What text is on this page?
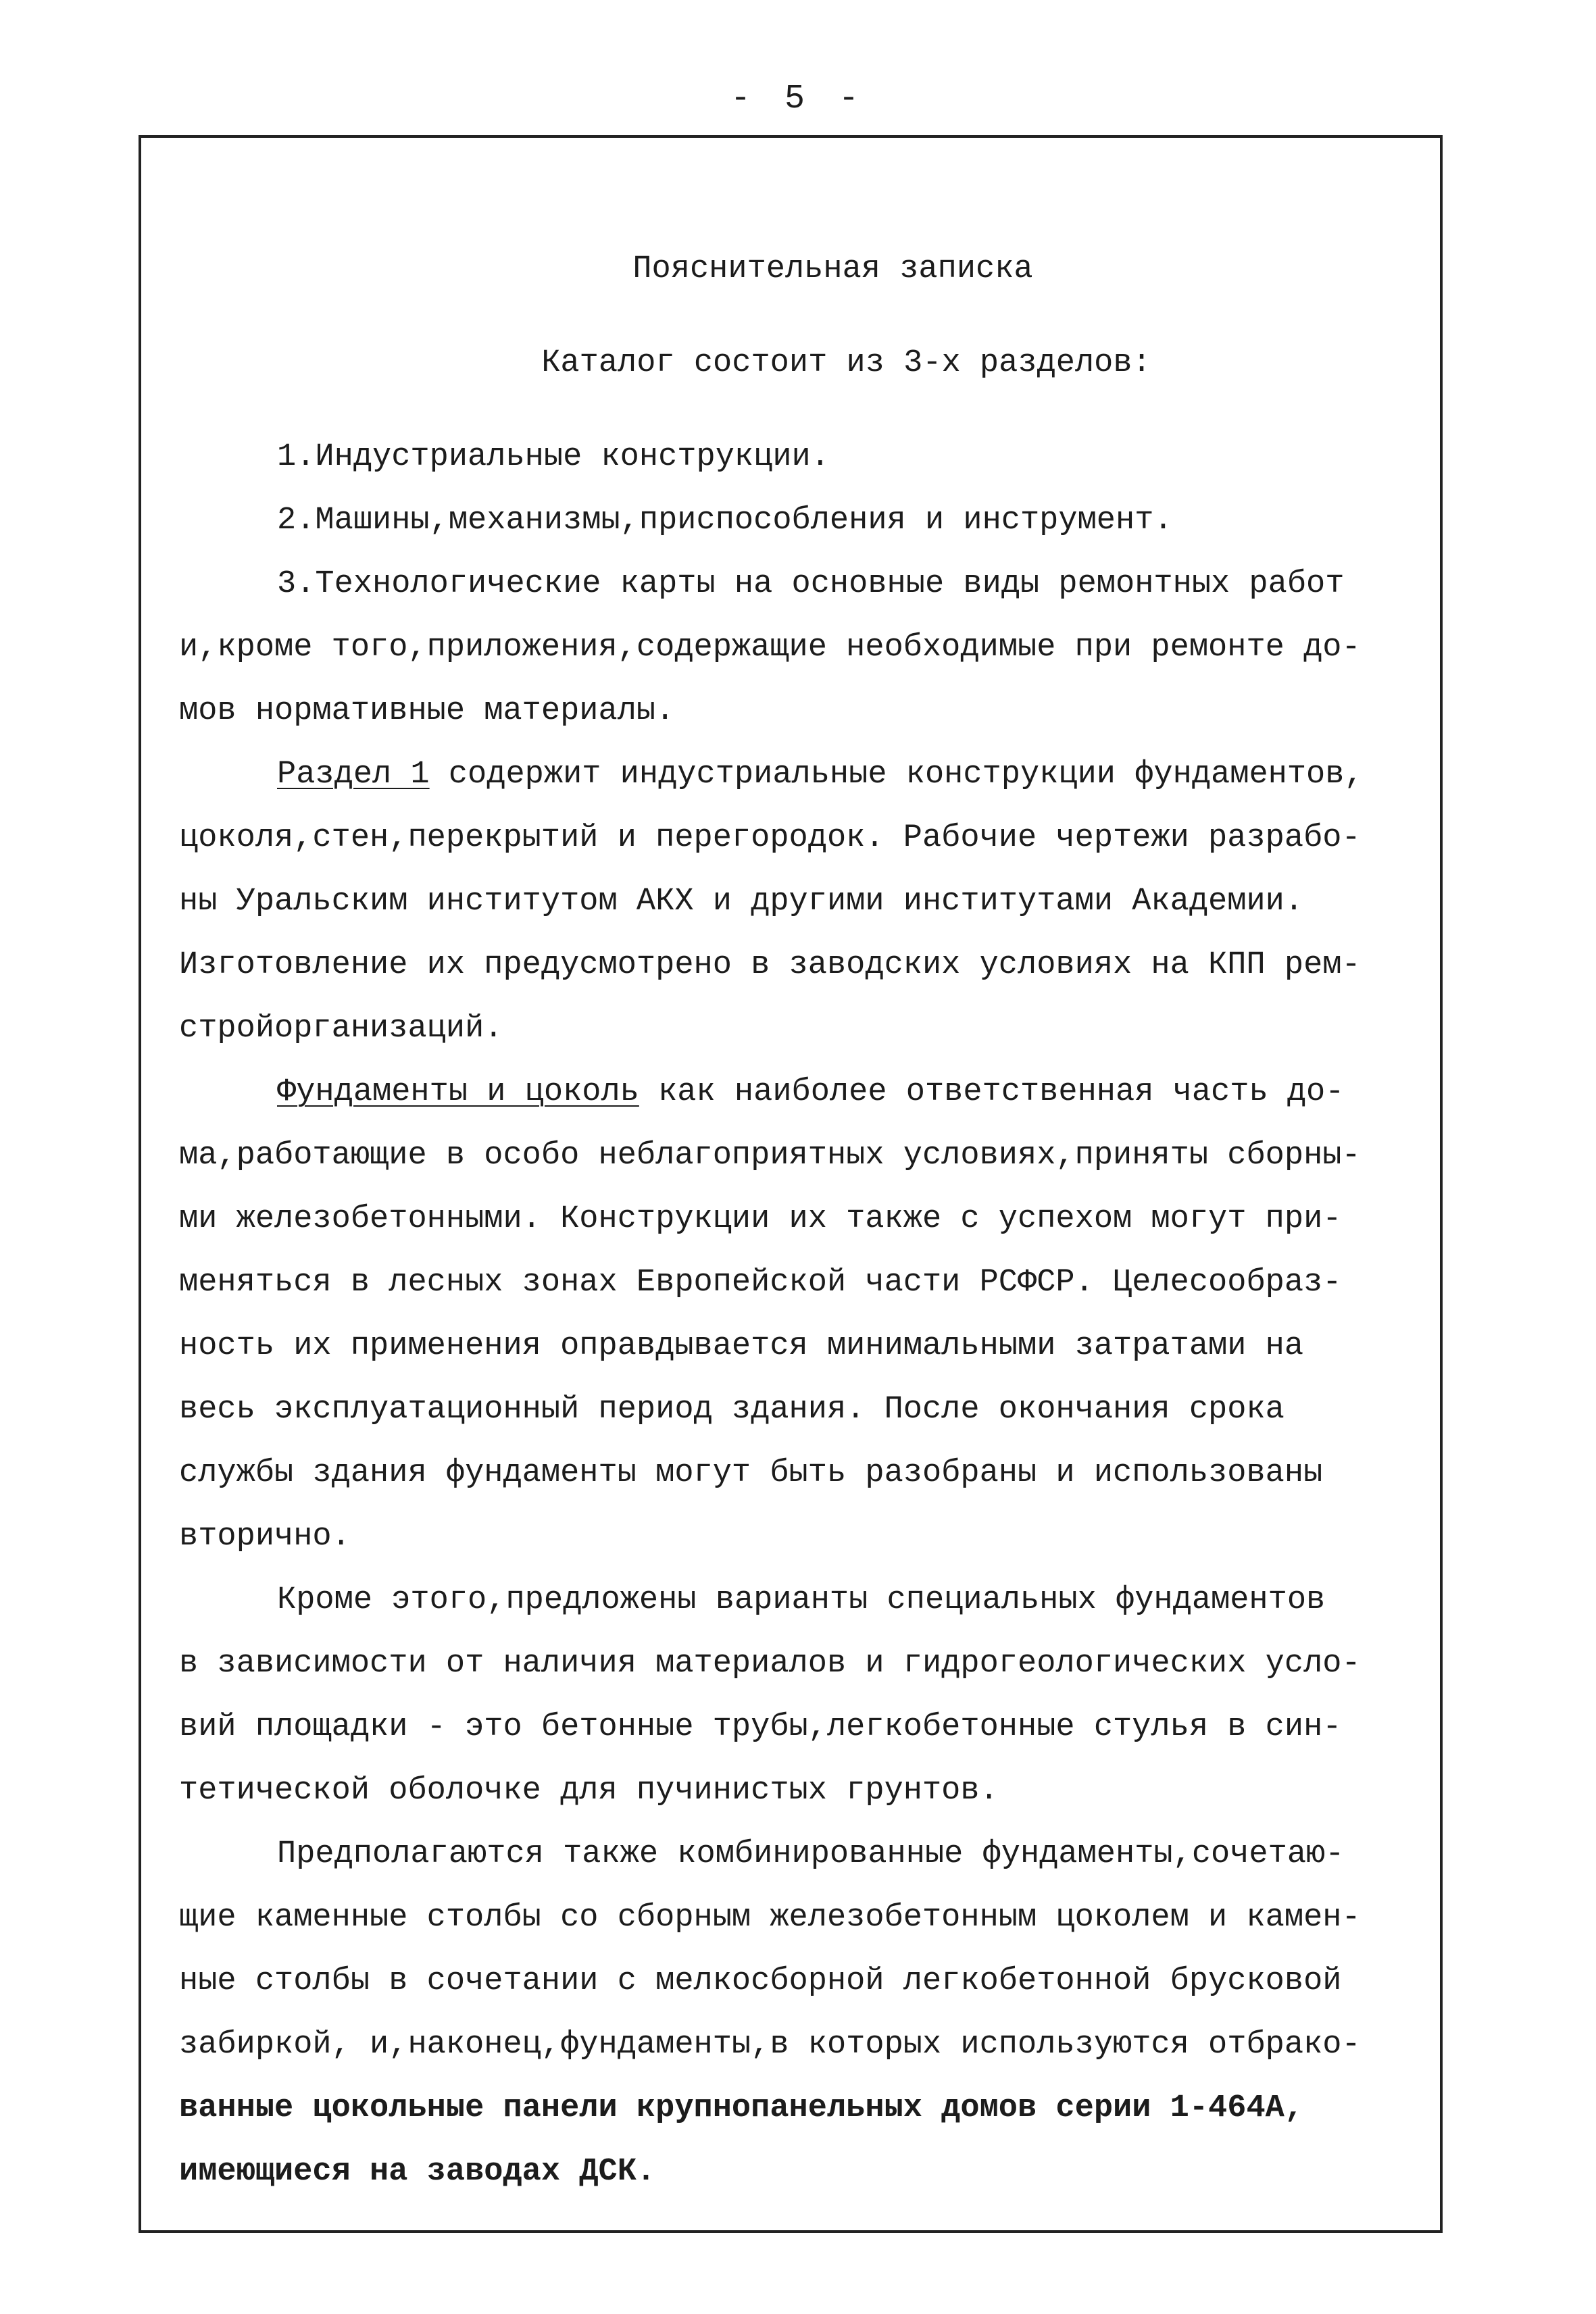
- 5 -

Пояснительная записка

Каталог состоит из 3-х разделов:

1.Индустриальные конструкции.

2.Машины,механизмы,приспособления и инструмент.

3.Технологические карты на основные виды ремонтных работ

и,кроме того,приложения,содержащие необходимые при ремонте до-

мов нормативные материалы.

Раздел 1 содержит индустриальные конструкции фундаментов,

цоколя,стен,перекрытий и перегородок. Рабочие чертежи разрабо-

ны Уральским институтом АКХ и другими институтами Академии.

Изготовление их предусмотрено в заводских условиях на КПП рем-

стройорганизаций.

Фундаменты и цоколь как наиболее ответственная часть до-

ма,работающие в особо неблагоприятных условиях,приняты сборны-

ми железобетонными. Конструкции их также с успехом могут при-

меняться в лесных зонах Европейской части РСФСР. Целесообраз-

ность их применения оправдывается минимальными затратами на

весь эксплуатационный период здания. После окончания срока

службы здания фундаменты могут быть разобраны и использованы

вторично.

Кроме этого,предложены варианты специальных фундаментов

в зависимости от наличия материалов и гидрогеологических усло-

вий площадки - это бетонные трубы,легкобетонные стулья в син-

тетической оболочке для пучинистых грунтов.

Предполагаются также комбинированные фундаменты,сочетаю-

щие каменные столбы со сборным железобетонным цоколем и камен-

ные столбы в сочетании с мелкосборной легкобетонной брусковой

забиркой, и,наконец,фундаменты,в которых используются отбрако-

ванные цокольные панели крупнопанельных домов серии 1-464А,

имеющиеся на заводах ДСК.
